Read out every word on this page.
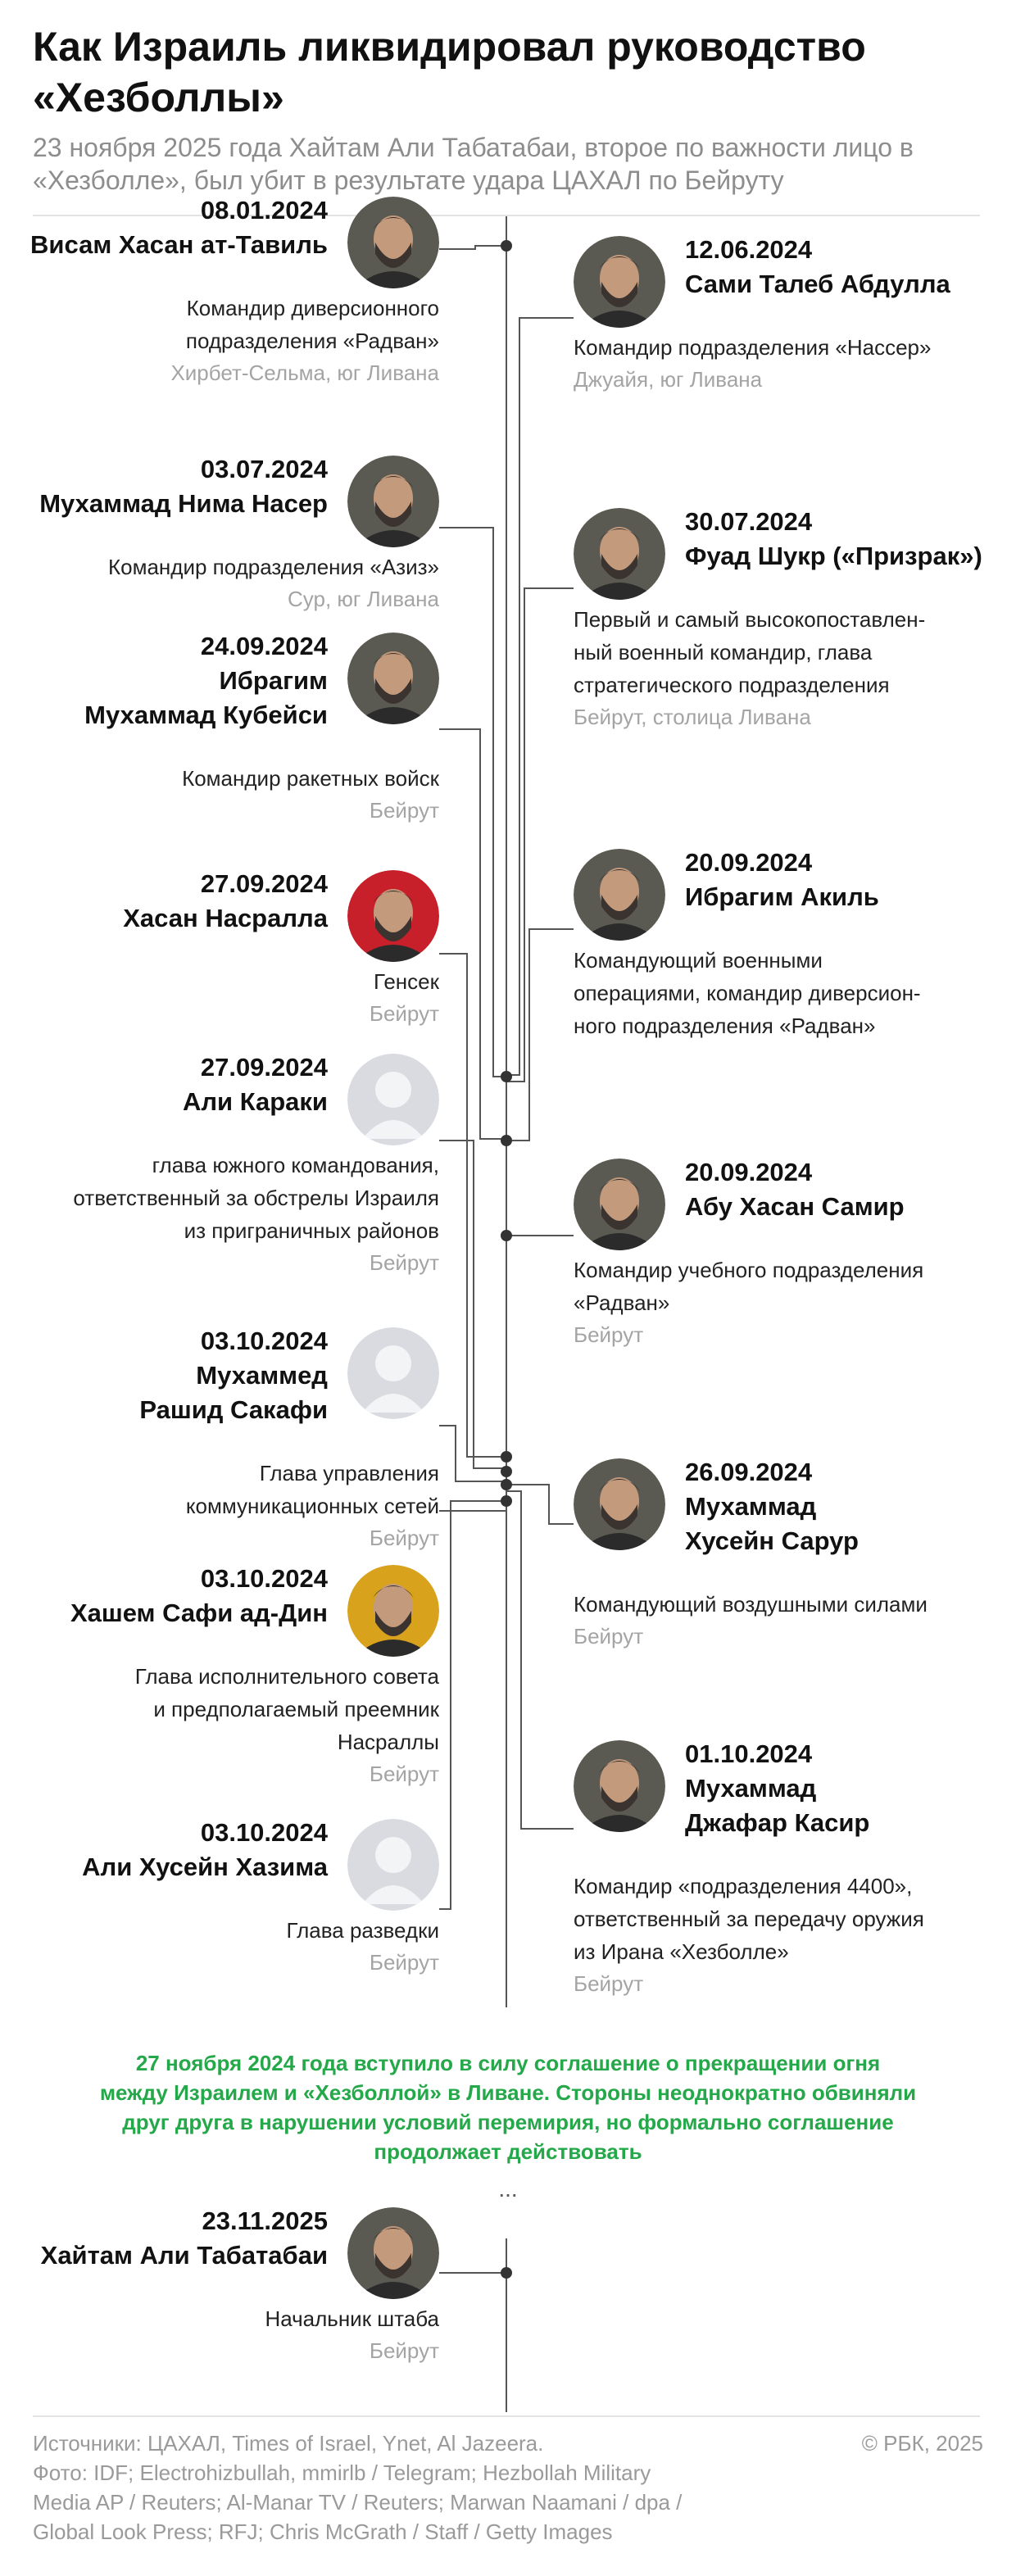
Как Израиль ликвидировал руководство «Хезболлы»
23 ноября 2025 года Хайтам Али Табатабаи, второе по важности лицо в «Хезболле», был убит в результате удара ЦАХАЛ по Бейруту
08.01.2024
Висам Хасан ат-Тавиль
Командир диверсионного
подразделения «Радван»
Хирбет-Сельма, юг Ливана
03.07.2024
Мухаммад Нима Насер
Командир подразделения «Азиз»
Сур, юг Ливана
24.09.2024
Ибрагим
Мухаммад Кубейси
Командир ракетных войск
Бейрут
27.09.2024
Хасан Насралла
Генсек
Бейрут
27.09.2024
Али Караки
глава южного командования,
ответственный за обстрелы Израиля
из приграничных районов
Бейрут
03.10.2024
Мухаммед
Рашид Сакафи
Глава управления
коммуникационных сетей
Бейрут
03.10.2024
Хашем Сафи ад-Дин
Глава исполнительного совета
и предполагаемый преемник
Насраллы
Бейрут
03.10.2024
Али Хусейн Хазима
Глава разведки
Бейрут
12.06.2024
Сами Талеб Абдулла
Командир подразделения «Нассер»
Джуайя, юг Ливана
30.07.2024
Фуад Шукр («Призрак»)
Первый и самый высокопоставлен-
ный военный командир, глава
стратегического подразделения
Бейрут, столица Ливана
20.09.2024
Ибрагим Акиль
Командующий военными
операциями, командир диверсион-
ного подразделения «Радван»
20.09.2024
Абу Хасан Самир
Командир учебного подразделения
«Радван»
Бейрут
26.09.2024
Мухаммад
Хусейн Сарур
Командующий воздушными силами
Бейрут
01.10.2024
Мухаммад
Джафар Касир
Командир «подразделения 4400»,
ответственный за передачу оружия
из Ирана «Хезболле»
Бейрут
23.11.2025
Хайтам Али Табатабаи
Начальник штаба
Бейрут
27 ноября 2024 года вступило в силу соглашение о прекращении огня
между Израилем и «Хезболлой» в Ливане. Стороны неоднократно обвиняли
друг друга в нарушении условий перемирия, но формально соглашение
продолжает действовать
...
Источники: ЦАХАЛ, Times of Israel, Ynet, Al Jazeera.
Фото: IDF; Electrohizbullah, mmirlb / Telegram; Hezbollah Military
Media AP / Reuters; Al-Manar TV / Reuters; Marwan Naamani / dpa /
Global Look Press; RFJ; Chris McGrath / Staff / Getty Images
© РБК, 2025
